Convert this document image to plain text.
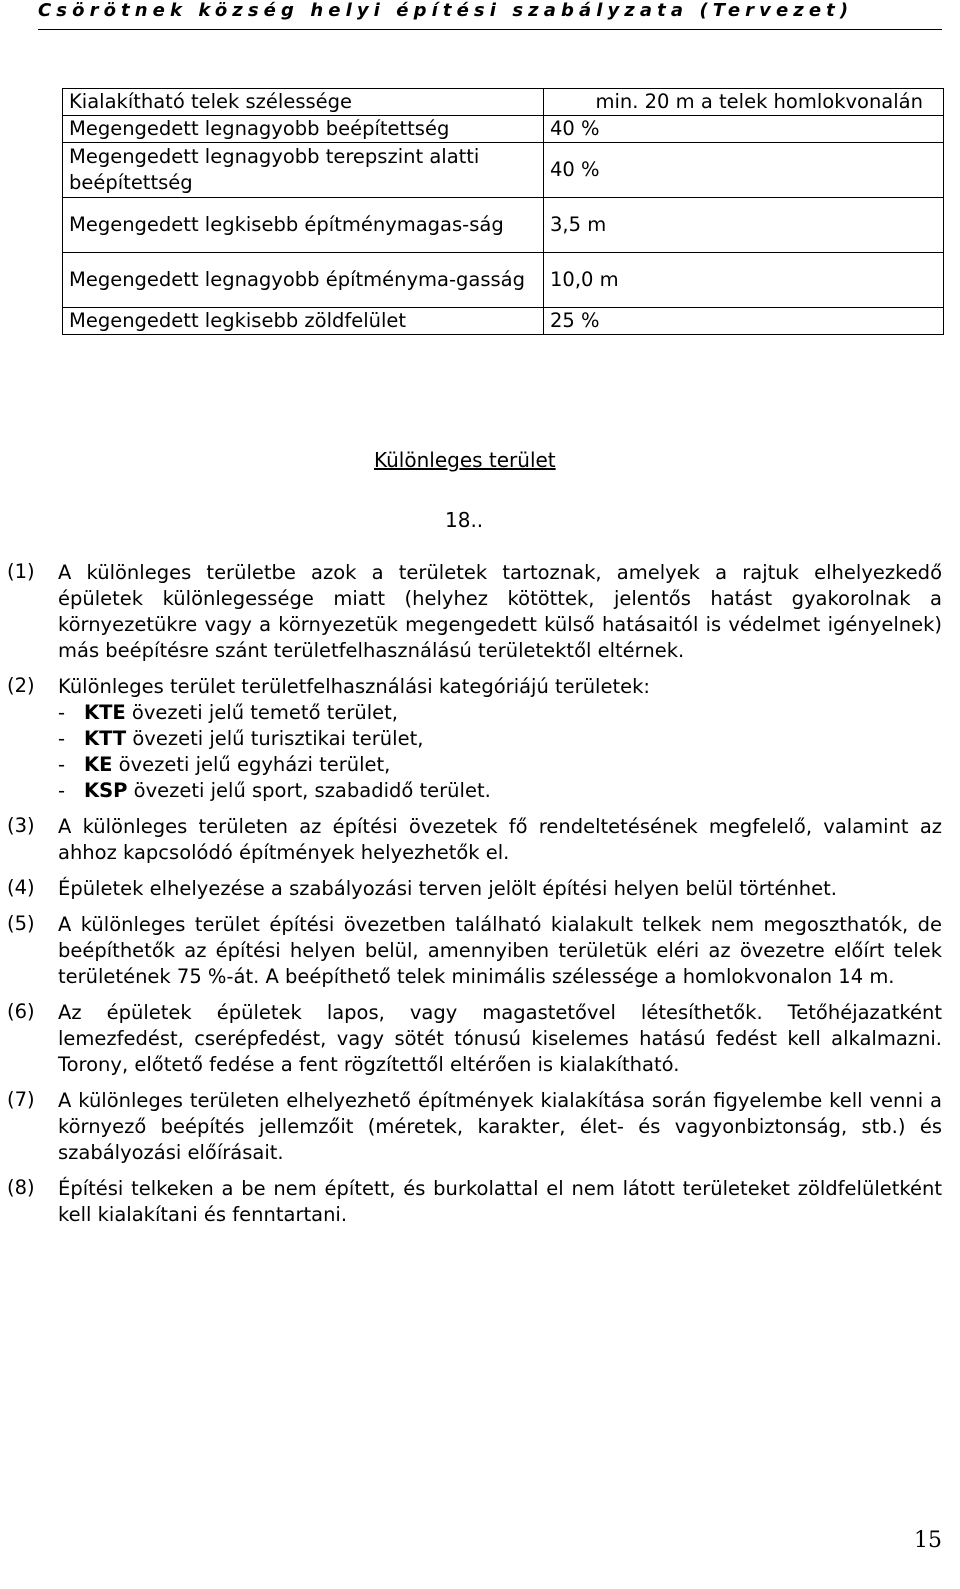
Csörötnek község helyi építési szabályzata (Tervezet)
Kialakítható telek szélessége	min. 20 m a telek homlokvonalán
Megengedett legnagyobb beépítettség	40 %
Megengedett legnagyobb terepszint alatti beépítettség	40 %
Megengedett legkisebb építménymagas-ság	3,5 m
Megengedett legnagyobb építményma-gasság	10,0 m
Megengedett legkisebb zöldfelület	25 %
Különleges terület
18..
(1) A különleges területbe azok a területek tartoznak, amelyek a rajtuk elhelyezkedő épületek különlegessége miatt (helyhez kötöttek, jelentős hatást gyakorolnak a környezetükre vagy a környezetük megengedett külső hatásaitól is védelmet igényelnek) más beépítésre szánt területfelhasználású területektől eltérnek.
(2) Különleges terület területfelhasználási kategóriájú területek:
- KTE övezeti jelű temető terület,
- KTT övezeti jelű turisztikai terület,
- KE övezeti jelű egyházi terület,
- KSP övezeti jelű sport, szabadidő terület.
(3) A különleges területen az építési övezetek fő rendeltetésének megfelelő, valamint az ahhoz kapcsolódó építmények helyezhetők el.
(4) Épületek elhelyezése a szabályozási terven jelölt építési helyen belül történhet.
(5) A különleges terület építési övezetben található kialakult telkek nem megoszthatók, de beépíthetők az építési helyen belül, amennyiben területük eléri az övezetre előírt telek területének 75 %-át. A beépíthető telek minimális szélessége a homlokvonalon 14 m.
(6) Az épületek épületek lapos, vagy magastetővel létesíthetők. Tetőhéjazatként lemezfedést, cserépfedést, vagy sötét tónusú kiselemes hatású fedést kell alkalmazni. Torony, előtető fedése a fent rögzítettől eltérően is kialakítható.
(7) A különleges területen elhelyezhető építmények kialakítása során figyelembe kell venni a környező beépítés jellemzőit (méretek, karakter, élet- és vagyonbiztonság, stb.) és szabályozási előírásait.
(8) Építési telkeken a be nem épített, és burkolattal el nem látott területeket zöldfelületként kell kialakítani és fenntartani.
15
